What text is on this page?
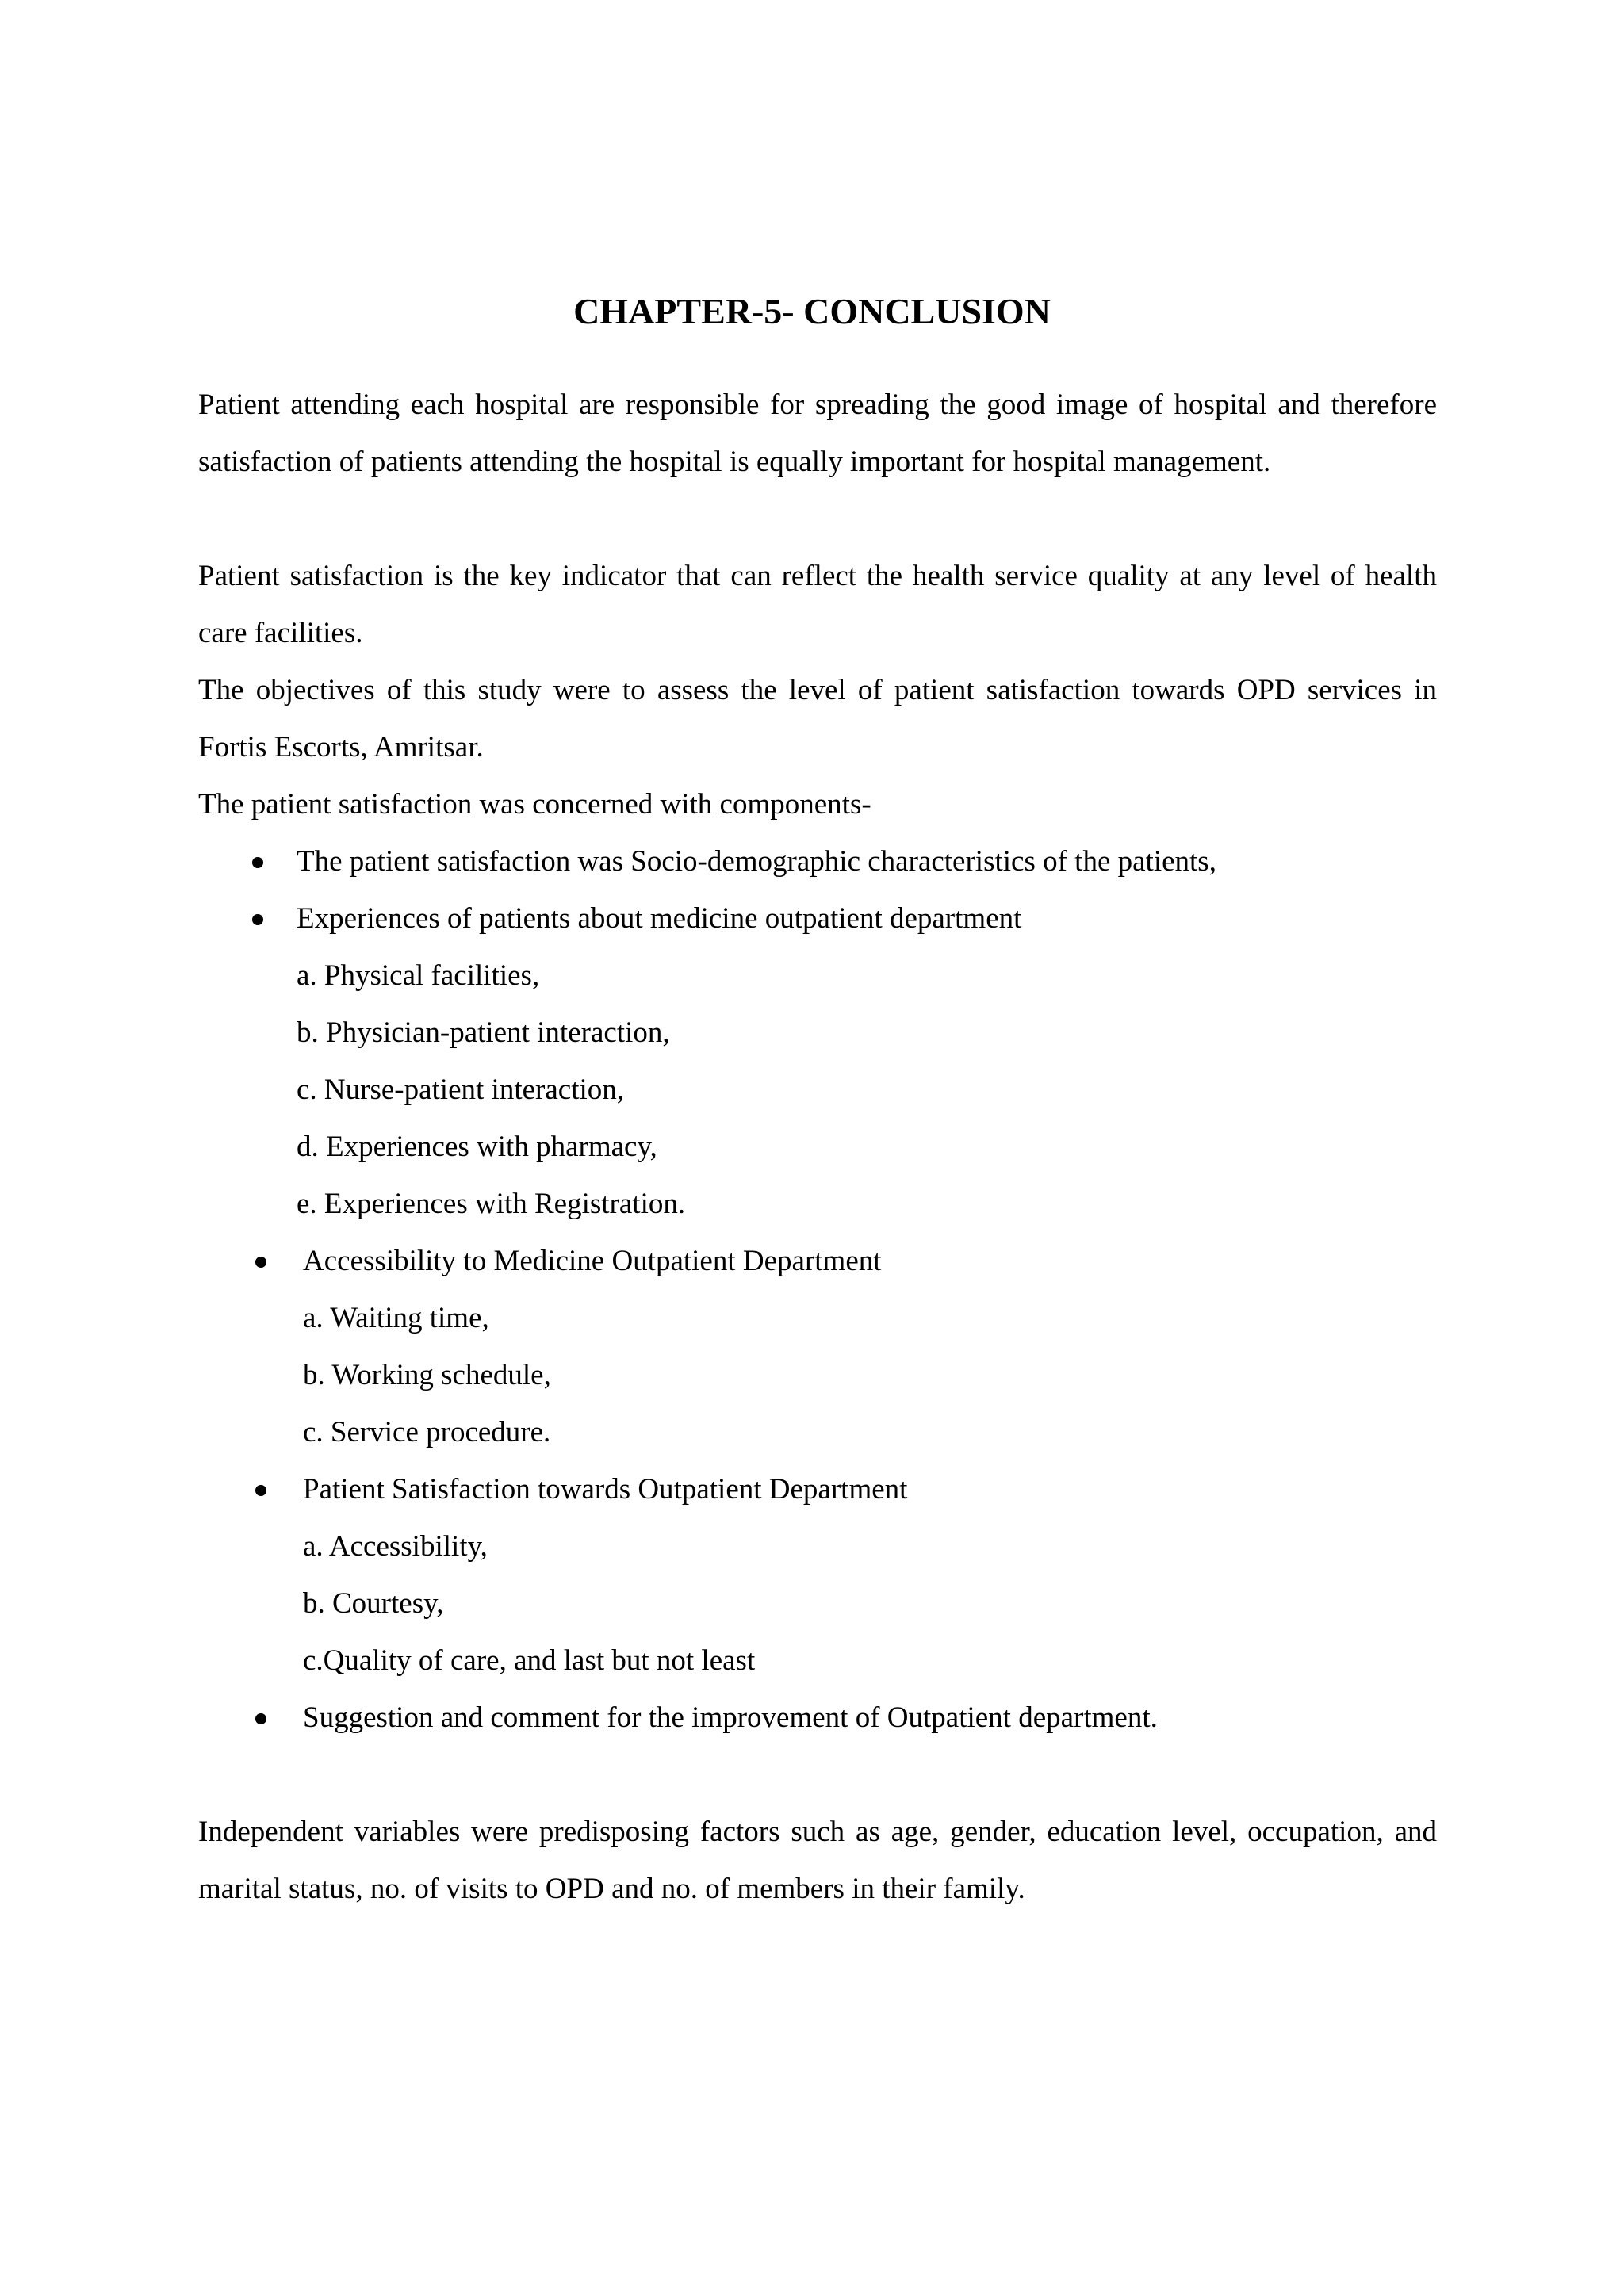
CHAPTER-5- CONCLUSION

Patient attending each hospital are responsible for spreading the good image of hospital and therefore satisfaction of patients attending the hospital is equally important for hospital management.

Patient satisfaction is the key indicator that can reflect the health service quality at any level of health care facilities.

The objectives of this study were to assess the level of patient satisfaction towards OPD services in Fortis Escorts, Amritsar.

The patient satisfaction was concerned with components-

The patient satisfaction was Socio-demographic characteristics of the patients,
Experiences of patients about medicine outpatient department
a. Physical facilities,
b. Physician-patient interaction,
c. Nurse-patient interaction,
d. Experiences with pharmacy,
e. Experiences with Registration.
Accessibility to Medicine Outpatient Department
a. Waiting time,
b. Working schedule,
c. Service procedure.
Patient Satisfaction towards Outpatient Department
a. Accessibility,
b. Courtesy,
c.Quality of care, and last but not least
Suggestion and comment for the improvement of Outpatient department.

Independent variables were predisposing factors such as age, gender, education level, occupation, and marital status, no. of visits to OPD and no. of members in their family.
